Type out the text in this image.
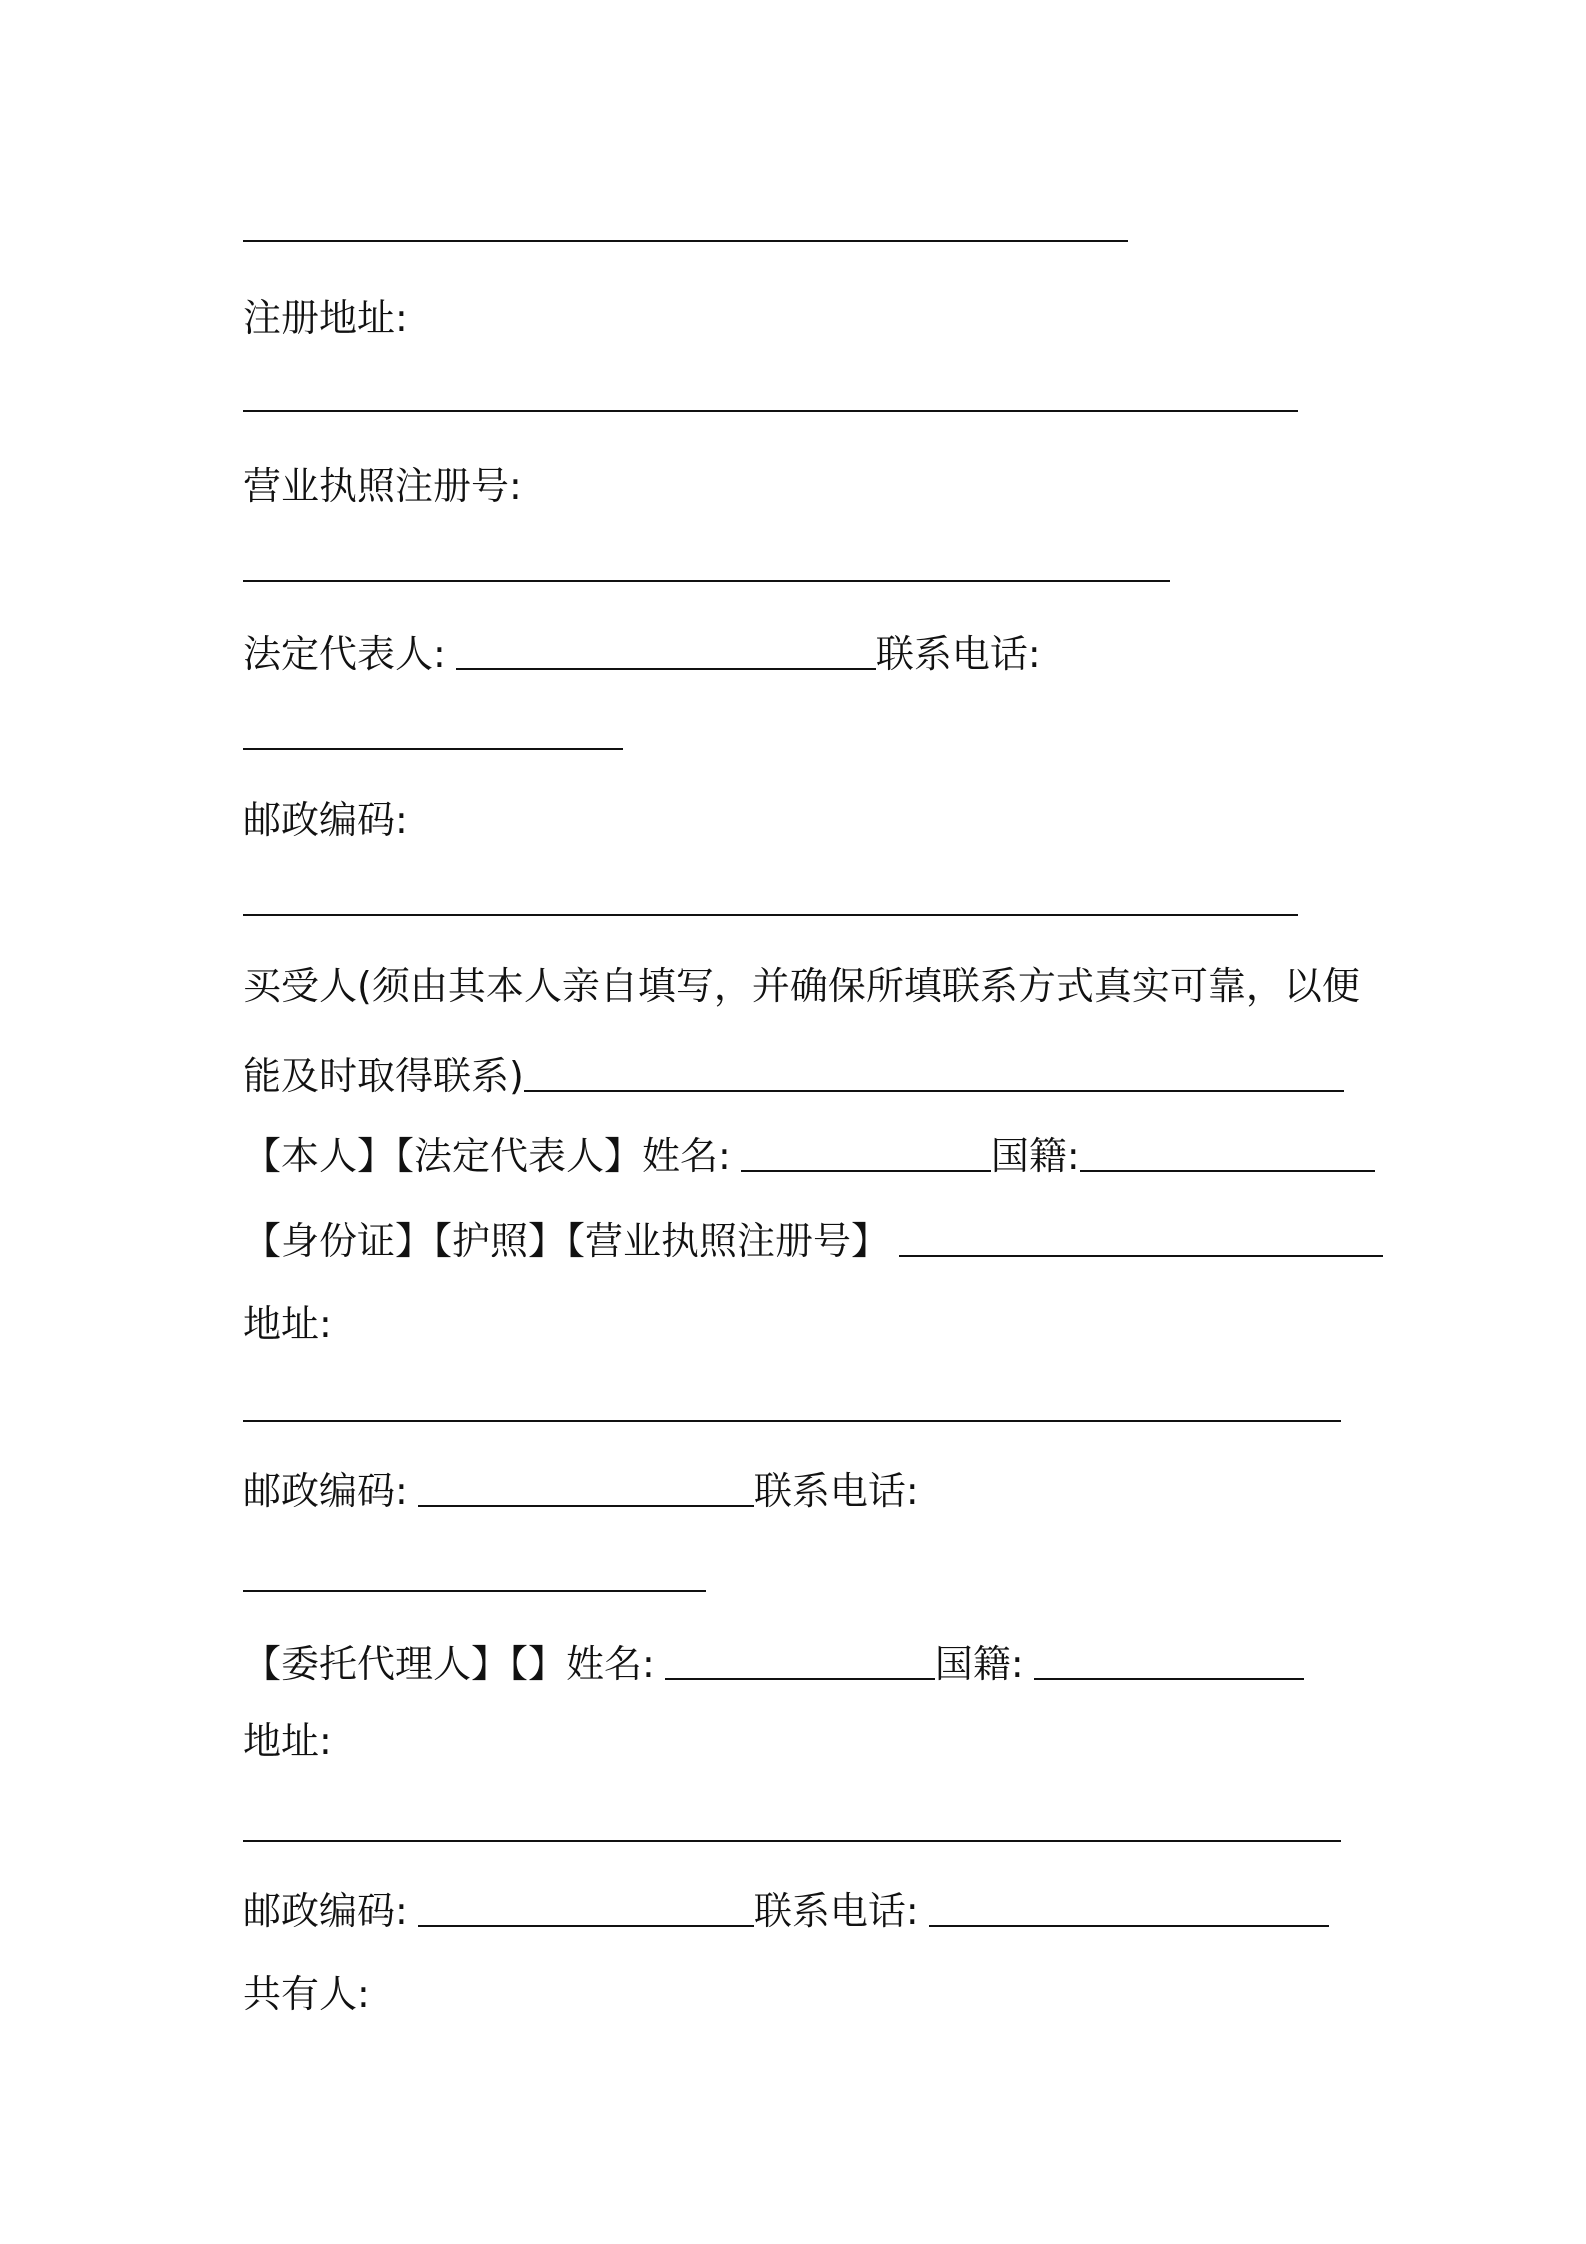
注册地址:
营业执照注册号:
法定代表人:	联系电话:
邮政编码:
买受人(须由其本人亲自填写，并确保所填联系方式真实可靠，以便
能及时取得联系)
【本人】【法定代表人】姓名:	国籍:
【身份证】【护照】【营业执照注册号】
地址:
邮政编码:	联系电话:
【委托代理人】【】姓名:	国籍:
地址:
邮政编码:	联系电话:
共有人:
